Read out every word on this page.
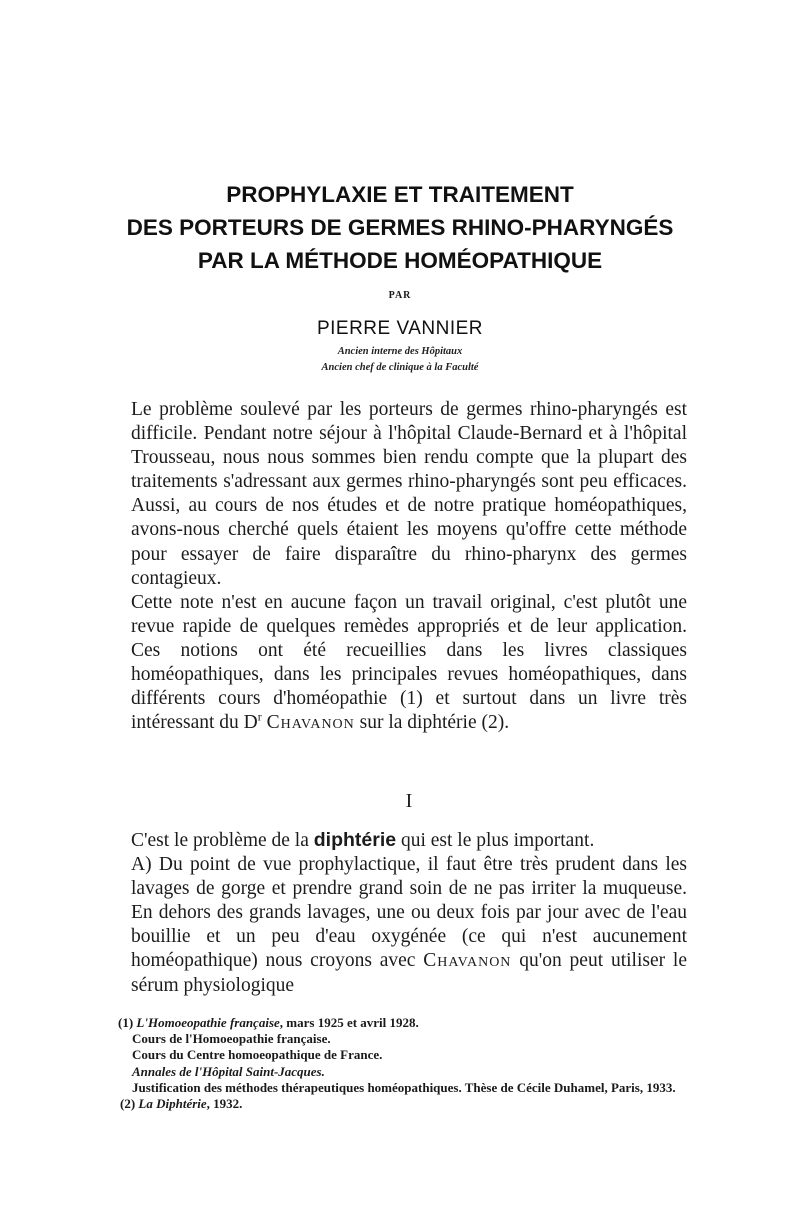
PROPHYLAXIE ET TRAITEMENT
DES PORTEURS DE GERMES RHINO-PHARYNGÉS
PAR LA MÉTHODE HOMÉOPATHIQUE
PAR
PIERRE VANNIER
Ancien interne des Hôpitaux
Ancien chef de clinique à la Faculté

Le problème soulevé par les porteurs de germes rhino-pharyngés est difficile. Pendant notre séjour à l'hôpital Claude-Bernard et à l'hôpital Trousseau, nous nous sommes bien rendu compte que la plupart des traitements s'adressant aux germes rhino-pharyngés sont peu efficaces. Aussi, au cours de nos études et de notre pratique homéopathiques, avons-nous cherché quels étaient les moyens qu'offre cette méthode pour essayer de faire disparaître du rhino-pharynx des germes contagieux.

Cette note n'est en aucune façon un travail original, c'est plutôt une revue rapide de quelques remèdes appropriés et de leur application. Ces notions ont été recueillies dans les livres classiques homéopathiques, dans les principales revues homéopathiques, dans différents cours d'homéopathie (1) et surtout dans un livre très intéressant du $D^r$ Chavanon sur la diphtérie (2).

I

C'est le problème de la diphtérie qui est le plus important.

A) Du point de vue prophylactique, il faut être très prudent dans les lavages de gorge et prendre grand soin de ne pas irriter la muqueuse. En dehors des grands lavages, une ou deux fois par jour avec de l'eau bouillie et un peu d'eau oxygénée (ce qui n'est aucunement homéopathique) nous croyons avec Chavanon qu'on peut utiliser le sérum physiologique

(1) L'Homoeopathie française, mars 1925 et avril 1928.
Cours de l'Homoeopathie française.
Cours du Centre homoeopathique de France.
Annales de l'Hôpital Saint-Jacques.
Justification des méthodes thérapeutiques homéopathiques. Thèse de Cécile Duhamel, Paris, 1933.
(2) La Diphtérie, 1932.
